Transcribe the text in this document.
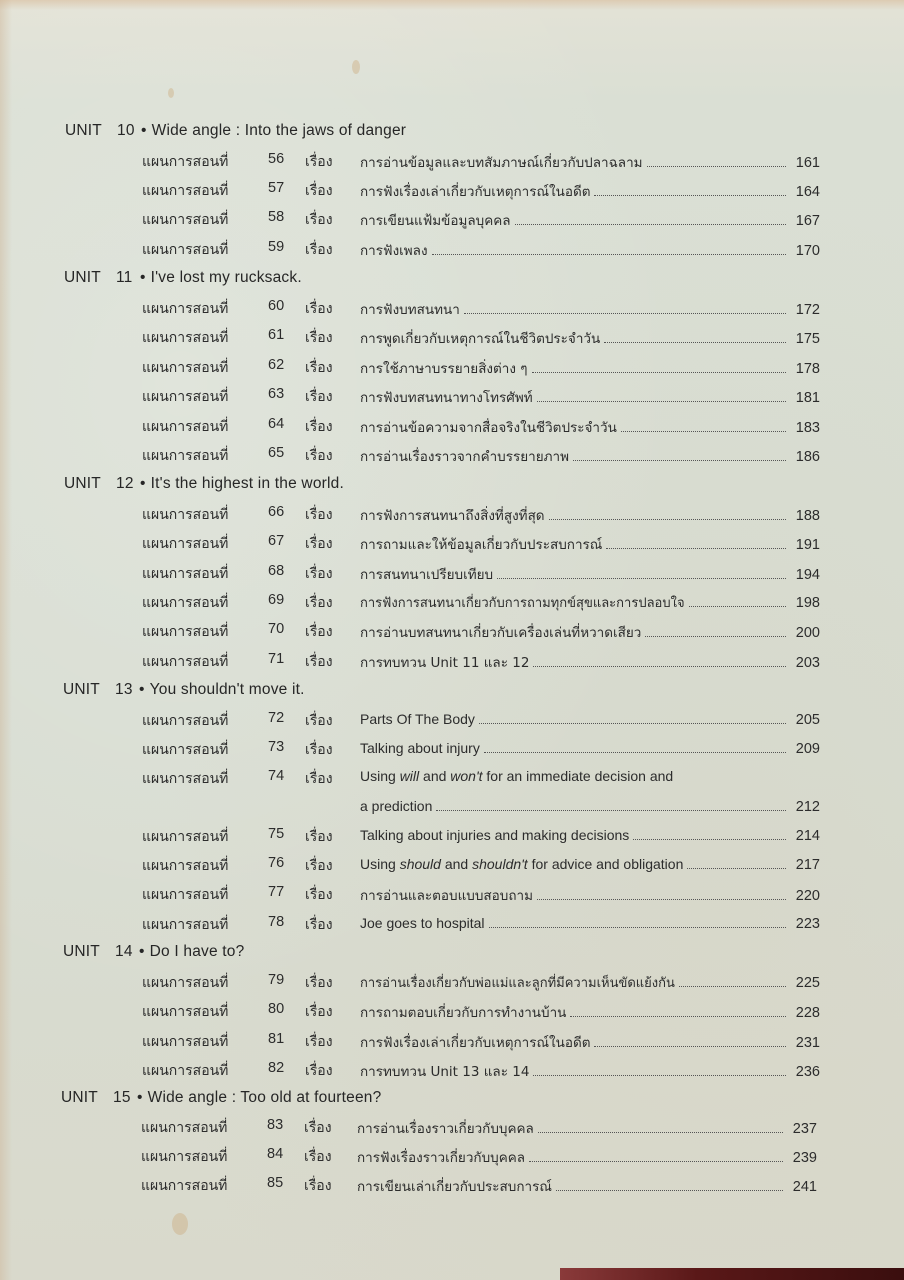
UNIT 10 • Wide angle : Into the jaws of danger
แผนการสอนที่	56 เรื่อง การอ่านข้อมูลและบทสัมภาษณ์เกี่ยวกับปลาฉลาม	161
แผนการสอนที่	57 เรื่อง การฟังเรื่องเล่าเกี่ยวกับเหตุการณ์ในอดีต	164
แผนการสอนที่	58 เรื่อง การเขียนแฟ้มข้อมูลบุคคล	167
แผนการสอนที่	59 เรื่อง การฟังเพลง	170
UNIT 11 • I've lost my rucksack.
แผนการสอนที่	60 เรื่อง การฟังบทสนทนา	172
แผนการสอนที่	61 เรื่อง การพูดเกี่ยวกับเหตุการณ์ในชีวิตประจำวัน	175
แผนการสอนที่	62 เรื่อง การใช้ภาษาบรรยายสิ่งต่าง ๆ	178
แผนการสอนที่	63 เรื่อง การฟังบทสนทนาทางโทรศัพท์	181
แผนการสอนที่	64 เรื่อง การอ่านข้อความจากสื่อจริงในชีวิตประจำวัน	183
แผนการสอนที่	65 เรื่อง การอ่านเรื่องราวจากคำบรรยายภาพ	186
UNIT 12 • It's the highest in the world.
แผนการสอนที่	66 เรื่อง การฟังการสนทนาถึงสิ่งที่สูงที่สุด	188
แผนการสอนที่	67 เรื่อง การถามและให้ข้อมูลเกี่ยวกับประสบการณ์	191
แผนการสอนที่	68 เรื่อง การสนทนาเปรียบเทียบ	194
แผนการสอนที่	69 เรื่อง การฟังการสนทนาเกี่ยวกับการถามทุกข์สุขและการปลอบใจ	198
แผนการสอนที่	70 เรื่อง การอ่านบทสนทนาเกี่ยวกับเครื่องเล่นที่หวาดเสียว	200
แผนการสอนที่	71 เรื่อง การทบทวน Unit 11 และ 12	203
UNIT 13 • You shouldn't move it.
แผนการสอนที่	72 เรื่อง Parts Of The Body	205
แผนการสอนที่	73 เรื่อง Talking about injury	209
แผนการสอนที่	74 เรื่อง Using will and won't for an immediate decision and
a prediction	212
แผนการสอนที่	75 เรื่อง Talking about injuries and making decisions	214
แผนการสอนที่	76 เรื่อง Using should and shouldn't for advice and obligation	217
แผนการสอนที่	77 เรื่อง การอ่านและตอบแบบสอบถาม	220
แผนการสอนที่	78 เรื่อง Joe goes to hospital	223
UNIT 14 • Do I have to?
แผนการสอนที่	79 เรื่อง การอ่านเรื่องเกี่ยวกับพ่อแม่และลูกที่มีความเห็นขัดแย้งกัน	225
แผนการสอนที่	80 เรื่อง การถามตอบเกี่ยวกับการทำงานบ้าน	228
แผนการสอนที่	81 เรื่อง การฟังเรื่องเล่าเกี่ยวกับเหตุการณ์ในอดีต	231
แผนการสอนที่	82 เรื่อง การทบทวน Unit 13 และ 14	236
UNIT 15 • Wide angle : Too old at fourteen?
แผนการสอนที่	83 เรื่อง การอ่านเรื่องราวเกี่ยวกับบุคคล	237
แผนการสอนที่	84 เรื่อง การฟังเรื่องราวเกี่ยวกับบุคคล	239
แผนการสอนที่	85 เรื่อง การเขียนเล่าเกี่ยวกับประสบการณ์	241
